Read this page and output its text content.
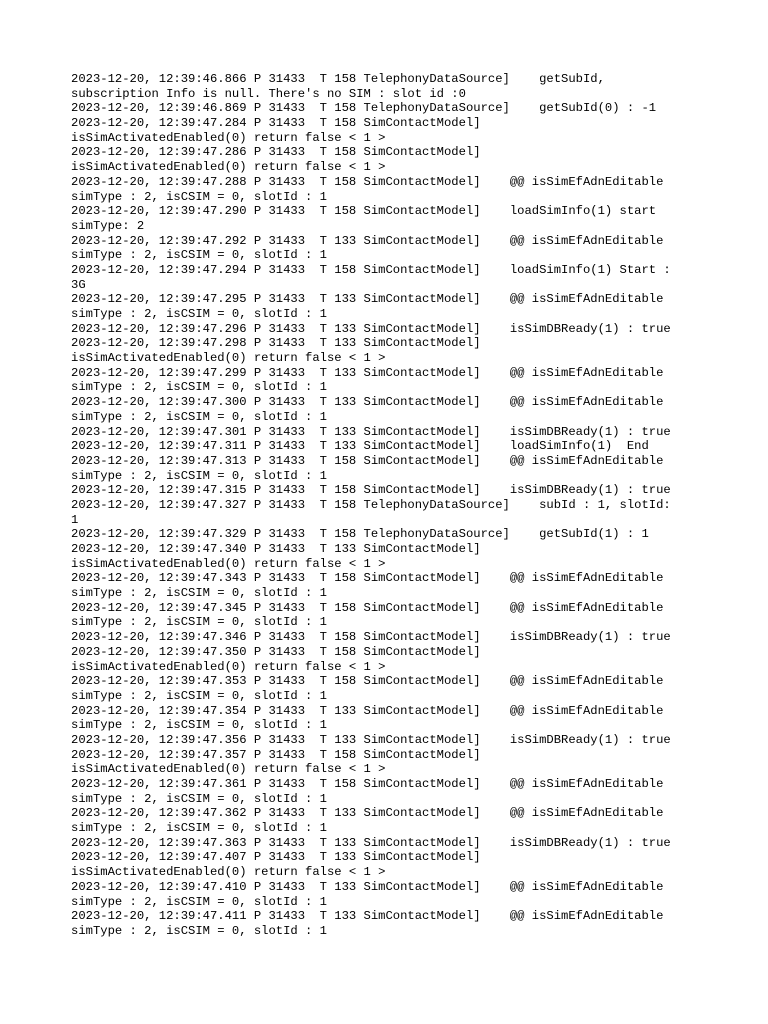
2023-12-20, 12:39:46.866 P 31433  T 158 TelephonyDataSource]    getSubId,
subscription Info is null. There's no SIM : slot id :0
2023-12-20, 12:39:46.869 P 31433  T 158 TelephonyDataSource]    getSubId(0) : -1
2023-12-20, 12:39:47.284 P 31433  T 158 SimContactModel]
isSimActivatedEnabled(0) return false < 1 >
2023-12-20, 12:39:47.286 P 31433  T 158 SimContactModel]
isSimActivatedEnabled(0) return false < 1 >
2023-12-20, 12:39:47.288 P 31433  T 158 SimContactModel]    @@ isSimEfAdnEditable
simType : 2, isCSIM = 0, slotId : 1
2023-12-20, 12:39:47.290 P 31433  T 158 SimContactModel]    loadSimInfo(1) start
simType: 2
2023-12-20, 12:39:47.292 P 31433  T 133 SimContactModel]    @@ isSimEfAdnEditable
simType : 2, isCSIM = 0, slotId : 1
2023-12-20, 12:39:47.294 P 31433  T 158 SimContactModel]    loadSimInfo(1) Start :
3G
2023-12-20, 12:39:47.295 P 31433  T 133 SimContactModel]    @@ isSimEfAdnEditable
simType : 2, isCSIM = 0, slotId : 1
2023-12-20, 12:39:47.296 P 31433  T 133 SimContactModel]    isSimDBReady(1) : true
2023-12-20, 12:39:47.298 P 31433  T 133 SimContactModel]
isSimActivatedEnabled(0) return false < 1 >
2023-12-20, 12:39:47.299 P 31433  T 133 SimContactModel]    @@ isSimEfAdnEditable
simType : 2, isCSIM = 0, slotId : 1
2023-12-20, 12:39:47.300 P 31433  T 133 SimContactModel]    @@ isSimEfAdnEditable
simType : 2, isCSIM = 0, slotId : 1
2023-12-20, 12:39:47.301 P 31433  T 133 SimContactModel]    isSimDBReady(1) : true
2023-12-20, 12:39:47.311 P 31433  T 133 SimContactModel]    loadSimInfo(1)  End
2023-12-20, 12:39:47.313 P 31433  T 158 SimContactModel]    @@ isSimEfAdnEditable
simType : 2, isCSIM = 0, slotId : 1
2023-12-20, 12:39:47.315 P 31433  T 158 SimContactModel]    isSimDBReady(1) : true
2023-12-20, 12:39:47.327 P 31433  T 158 TelephonyDataSource]    subId : 1, slotId:
1
2023-12-20, 12:39:47.329 P 31433  T 158 TelephonyDataSource]    getSubId(1) : 1
2023-12-20, 12:39:47.340 P 31433  T 133 SimContactModel]
isSimActivatedEnabled(0) return false < 1 >
2023-12-20, 12:39:47.343 P 31433  T 158 SimContactModel]    @@ isSimEfAdnEditable
simType : 2, isCSIM = 0, slotId : 1
2023-12-20, 12:39:47.345 P 31433  T 158 SimContactModel]    @@ isSimEfAdnEditable
simType : 2, isCSIM = 0, slotId : 1
2023-12-20, 12:39:47.346 P 31433  T 158 SimContactModel]    isSimDBReady(1) : true
2023-12-20, 12:39:47.350 P 31433  T 158 SimContactModel]
isSimActivatedEnabled(0) return false < 1 >
2023-12-20, 12:39:47.353 P 31433  T 158 SimContactModel]    @@ isSimEfAdnEditable
simType : 2, isCSIM = 0, slotId : 1
2023-12-20, 12:39:47.354 P 31433  T 133 SimContactModel]    @@ isSimEfAdnEditable
simType : 2, isCSIM = 0, slotId : 1
2023-12-20, 12:39:47.356 P 31433  T 133 SimContactModel]    isSimDBReady(1) : true
2023-12-20, 12:39:47.357 P 31433  T 158 SimContactModel]
isSimActivatedEnabled(0) return false < 1 >
2023-12-20, 12:39:47.361 P 31433  T 158 SimContactModel]    @@ isSimEfAdnEditable
simType : 2, isCSIM = 0, slotId : 1
2023-12-20, 12:39:47.362 P 31433  T 133 SimContactModel]    @@ isSimEfAdnEditable
simType : 2, isCSIM = 0, slotId : 1
2023-12-20, 12:39:47.363 P 31433  T 133 SimContactModel]    isSimDBReady(1) : true
2023-12-20, 12:39:47.407 P 31433  T 133 SimContactModel]
isSimActivatedEnabled(0) return false < 1 >
2023-12-20, 12:39:47.410 P 31433  T 133 SimContactModel]    @@ isSimEfAdnEditable
simType : 2, isCSIM = 0, slotId : 1
2023-12-20, 12:39:47.411 P 31433  T 133 SimContactModel]    @@ isSimEfAdnEditable
simType : 2, isCSIM = 0, slotId : 1
